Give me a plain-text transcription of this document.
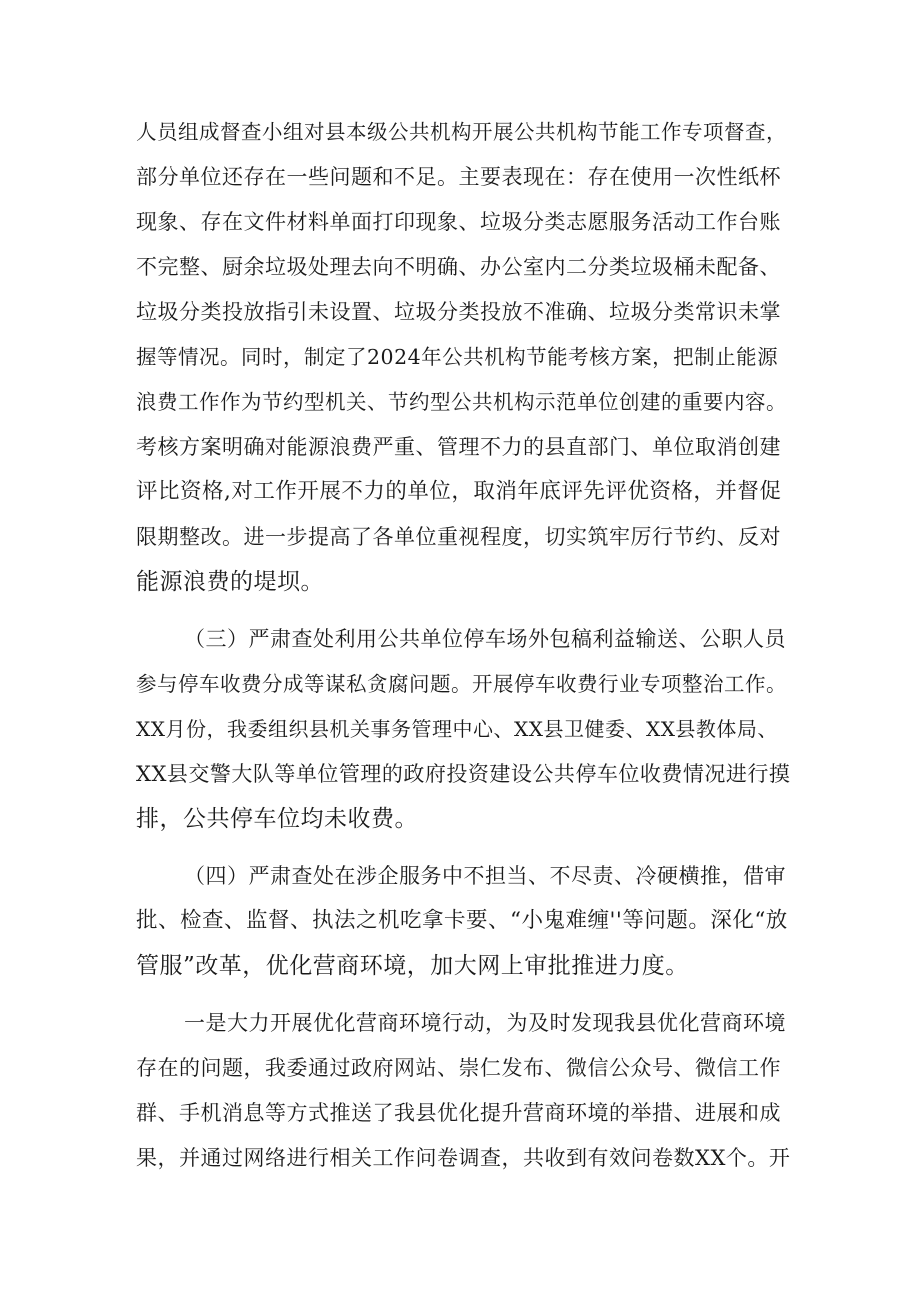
人员组成督查小组对县本级公共机构开展公共机构节能工作专项督查，
部分单位还存在一些问题和不足。主要表现在：存在使用一次性纸杯
现象、存在文件材料单面打印现象、垃圾分类志愿服务活动工作台账
不完整、厨余垃圾处理去向不明确、办公室内二分类垃圾桶未配备、
垃圾分类投放指引未设置、垃圾分类投放不准确、垃圾分类常识未掌
握等情况。同时，制定了2024年公共机构节能考核方案，把制止能源
浪费工作作为节约型机关、节约型公共机构示范单位创建的重要内容。
考核方案明确对能源浪费严重、管理不力的县直部门、单位取消创建
评比资格,对工作开展不力的单位，取消年底评先评优资格，并督促
限期整改。进一步提高了各单位重视程度，切实筑牢厉行节约、反对
能源浪费的堤坝。
（三）严肃查处利用公共单位停车场外包稿利益输送、公职人员
参与停车收费分成等谋私贪腐问题。开展停车收费行业专项整治工作。
XX月份，我委组织县机关事务管理中心、XX县卫健委、XX县教体局、
XX县交警大队等单位管理的政府投资建设公共停车位收费情况进行摸
排，公共停车位均未收费。
（四）严肃查处在涉企服务中不担当、不尽责、冷硬横推，借审
批、检查、监督、执法之机吃拿卡要、“小鬼难缠''等问题。深化“放
管服”改革，优化营商环境，加大网上审批推进力度。
一是大力开展优化营商环境行动，为及时发现我县优化营商环境
存在的问题，我委通过政府网站、崇仁发布、微信公众号、微信工作
群、手机消息等方式推送了我县优化提升营商环境的举措、进展和成
果，并通过网络进行相关工作问卷调查，共收到有效问卷数XX个。开
